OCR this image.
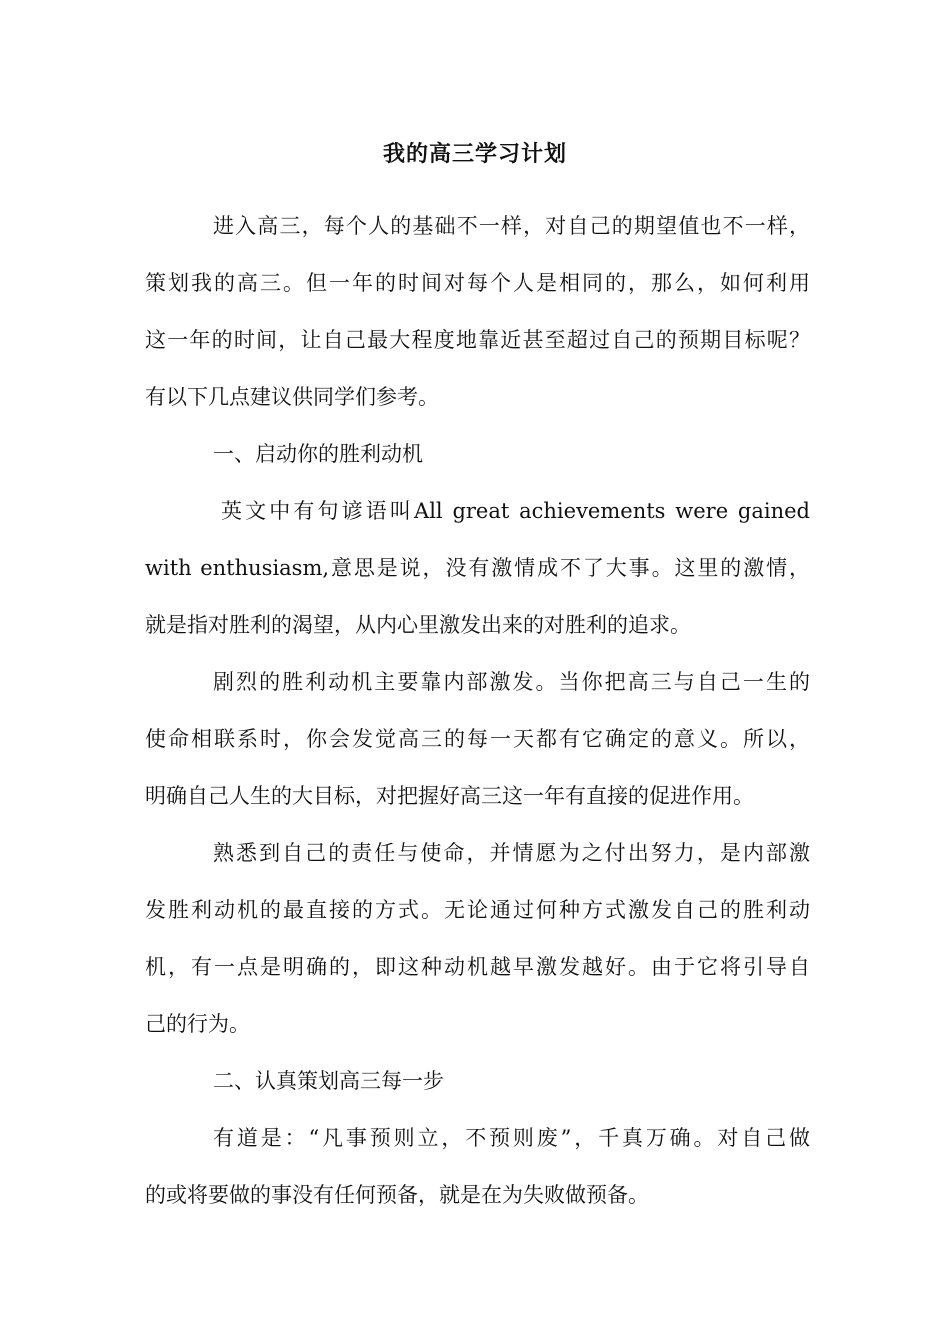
我的高三学习计划
进入高三，每个人的基础不一样，对自己的期望值也不一样，
策划我的高三。但一年的时间对每个人是相同的，那么，如何利用
这一年的时间，让自己最大程度地靠近甚至超过自己的预期目标呢？
有以下几点建议供同学们参考。
一、启动你的胜利动机
英文中有句谚语叫All great achievements were gained
with enthusiasm,意思是说，没有激情成不了大事。这里的激情，
就是指对胜利的渴望，从内心里激发出来的对胜利的追求。
剧烈的胜利动机主要靠内部激发。当你把高三与自己一生的
使命相联系时，你会发觉高三的每一天都有它确定的意义。所以，
明确自己人生的大目标，对把握好高三这一年有直接的促进作用。
熟悉到自己的责任与使命，并情愿为之付出努力，是内部激
发胜利动机的最直接的方式。无论通过何种方式激发自己的胜利动
机，有一点是明确的，即这种动机越早激发越好。由于它将引导自
己的行为。
二、认真策划高三每一步
有道是：“凡事预则立，不预则废”，千真万确。对自己做
的或将要做的事没有任何预备，就是在为失败做预备。
